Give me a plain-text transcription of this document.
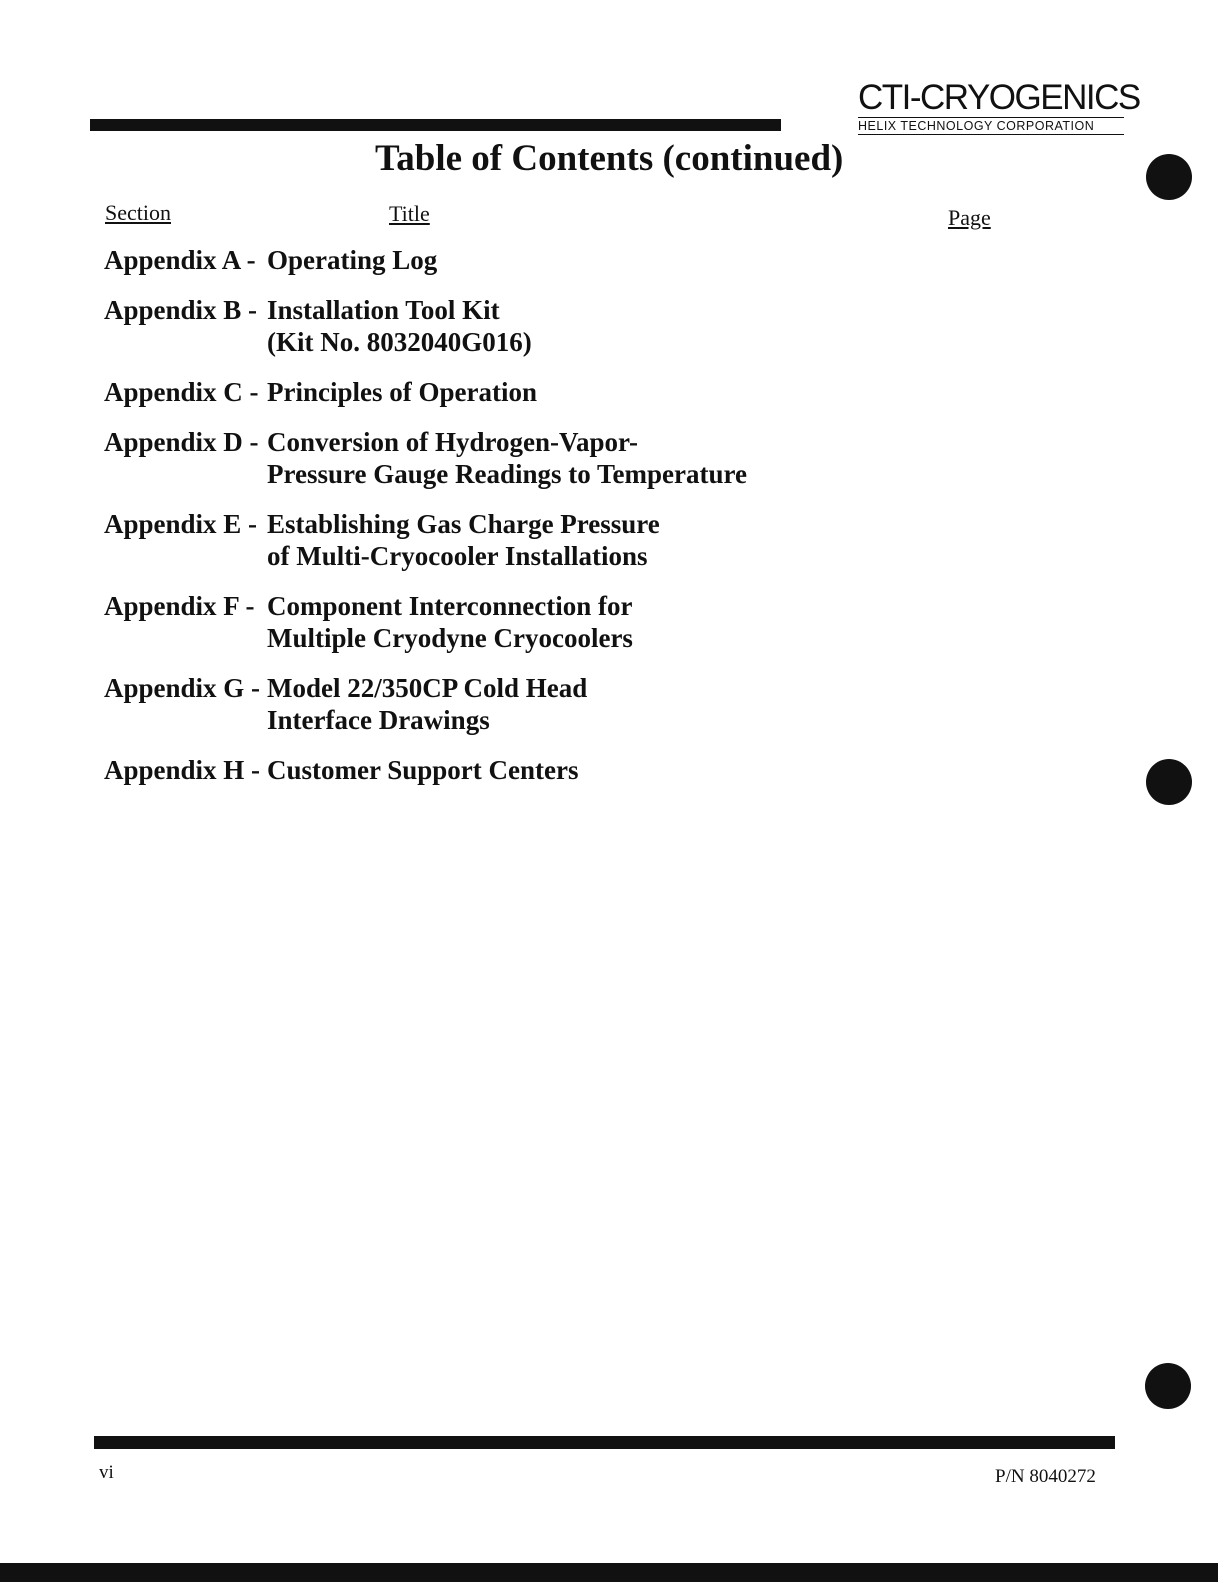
CTI-CRYOGENICS
HELIX TECHNOLOGY CORPORATION
Table of Contents (continued)
Section	Title	Page
Appendix A - Operating Log
Appendix B - Installation Tool Kit
(Kit No. 8032040G016)
Appendix C - Principles of Operation
Appendix D - Conversion of Hydrogen-Vapor-
Pressure Gauge Readings to Temperature
Appendix E - Establishing Gas Charge Pressure
of Multi-Cryocooler Installations
Appendix F - Component Interconnection for
Multiple Cryodyne Cryocoolers
Appendix G - Model 22/350CP Cold Head
Interface Drawings
Appendix H - Customer Support Centers
vi	P/N 8040272
